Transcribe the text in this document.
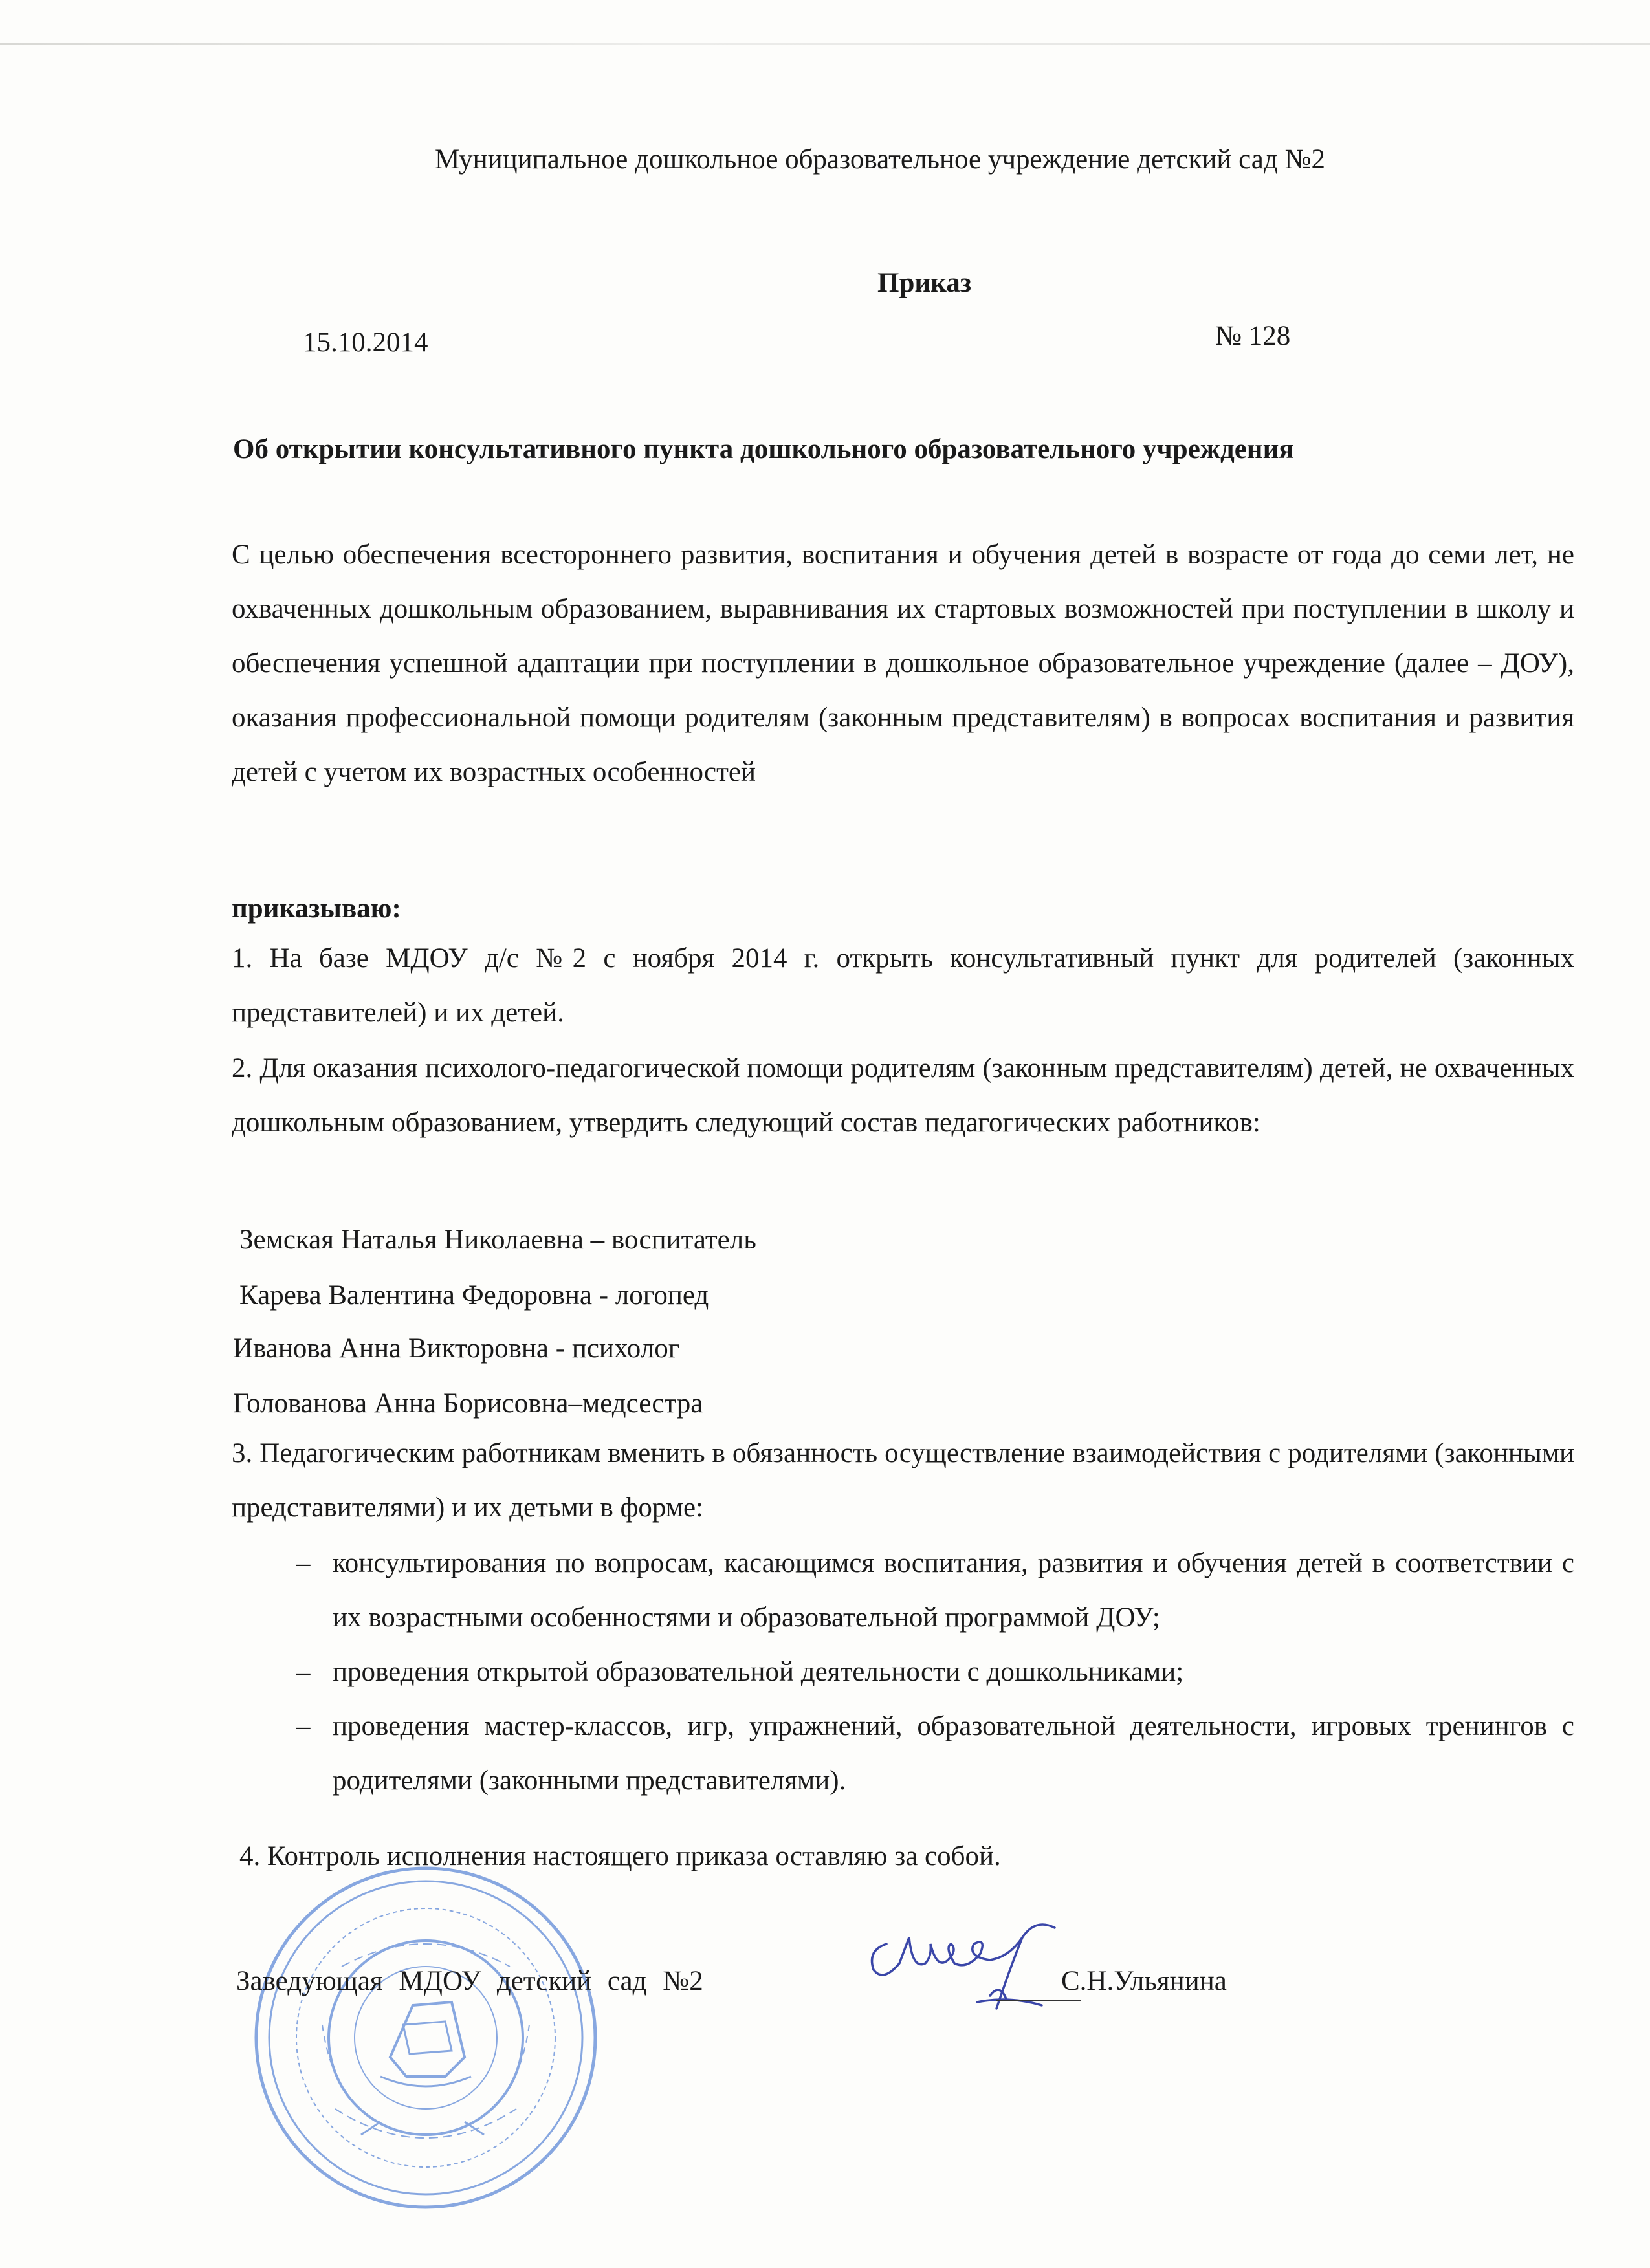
Муниципальное дошкольное образовательное учреждение детский сад №2
Приказ
15.10.2014	№ 128
Об открытии консультативного пункта дошкольного образовательного учреждения
С целью обеспечения всестороннего развития, воспитания и обучения детей в возрасте от года до семи лет, не охваченных дошкольным образованием, выравнивания их стартовых возможностей при поступлении в школу и обеспечения успешной адаптации при поступлении в дошкольное образовательное учреждение (далее – ДОУ), оказания профессиональной помощи родителям (законным представителям) в вопросах воспитания и развития детей с учетом их возрастных особенностей
приказываю:
1. На базе МДОУ д/с №2 с ноября 2014 г. открыть консультативный пункт для родителей (законных представителей) и их детей.
2. Для оказания психолого-педагогической помощи родителям (законным представителям) детей, не охваченных дошкольным образованием, утвердить следующий состав педагогических работников:
Земская Наталья Николаевна – воспитатель
Карева Валентина Федоровна - логопед
Иванова Анна Викторовна - психолог
Голованова Анна Борисовна–медсестра
3. Педагогическим работникам вменить в обязанность осуществление взаимодействия с родителями (законными представителями) и их детьми в форме:
– консультирования по вопросам, касающимся воспитания, развития и обучения детей в соответствии с их возрастными особенностями и образовательной программой ДОУ;
– проведения открытой образовательной деятельности с дошкольниками;
– проведения мастер-классов, игр, упражнений, образовательной деятельности, игровых тренингов с родителями (законными представителями).
4. Контроль исполнения настоящего приказа оставляю за собой.
Заведующая МДОУ детский сад №2	С.Н.Ульянина
